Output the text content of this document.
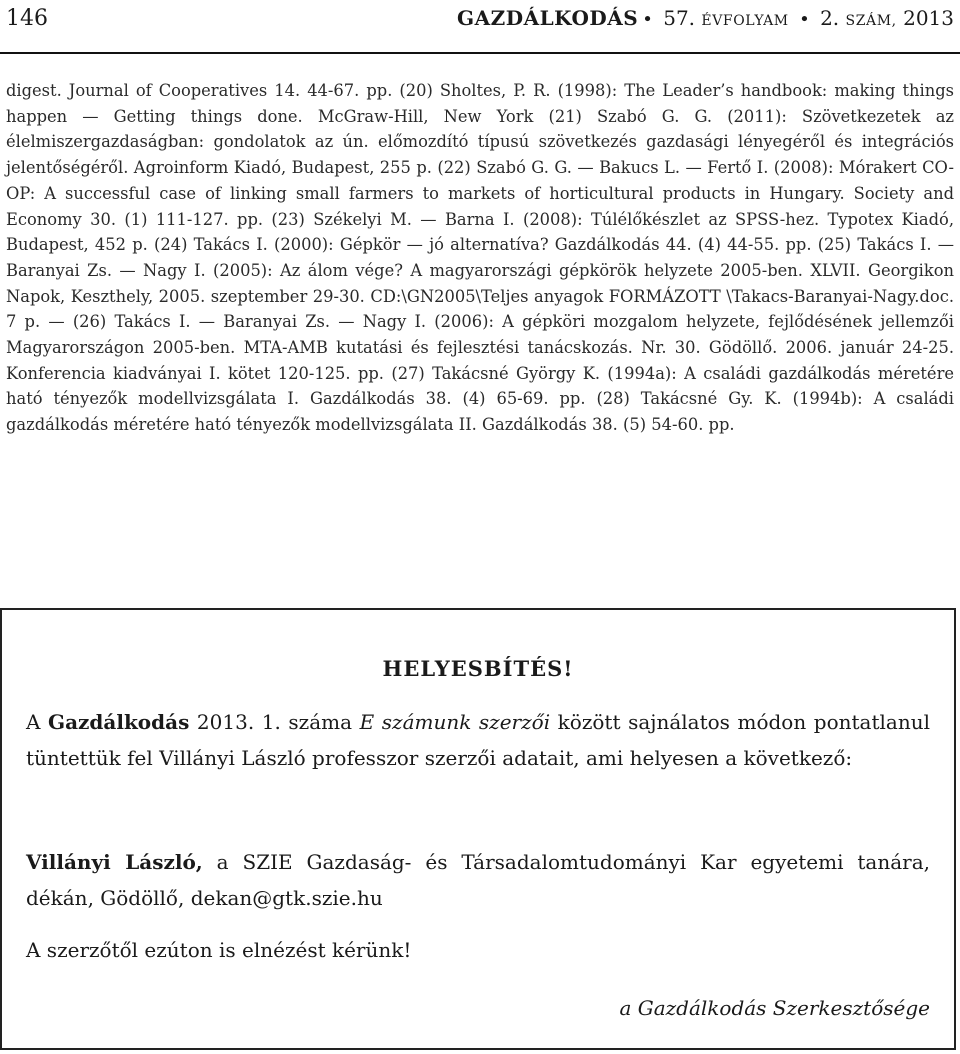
146	GAZDÁLKODÁS • 57. ÉVFOLYAM • 2. SZÁM, 2013
digest. Journal of Cooperatives 14. 44-67. pp. (20) Sholtes, P. R. (1998): The Leader’s handbook: making things happen — Getting things done. McGraw-Hill, New York (21) Szabó G. G. (2011): Szövetkezetek az élelmiszergazdaságban: gondolatok az ún. előmozdító típusú szövetkezés gazdasági lényegéről és integrációs jelentőségéről. Agroinform Kiadó, Budapest, 255 p. (22) Szabó G. G. — Bakucs L. — Fertő I. (2008): Mórakert CO-OP: A successful case of linking small farmers to markets of horticultural products in Hungary. Society and Economy 30. (1) 111-127. pp. (23) Székelyi M. — Barna I. (2008): Túlélőkészlet az SPSS-hez. Typotex Kiadó, Budapest, 452 p. (24) Takács I. (2000): Gépkör — jó alternatíva? Gazdálkodás 44. (4) 44-55. pp. (25) Takács I. — Baranyai Zs. — Nagy I. (2005): Az álom vége? A magyarországi gépkörök helyzete 2005-ben. XLVII. Georgikon Napok, Keszthely, 2005. szeptember 29-30. CD:\GN2005\Teljes anyagok FORMÁZOTT \Takacs-Baranyai-Nagy.doc. 7 p. — (26) Takács I. — Baranyai Zs. — Nagy I. (2006): A gépköri mozgalom helyzete, fejlődésének jellemzői Magyarországon 2005-ben. MTA-AMB kutatási és fejlesztési tanácskozás. Nr. 30. Gödöllő. 2006. január 24-25. Konferencia kiadványai I. kötet 120-125. pp. (27) Takácsné György K. (1994a): A családi gazdálkodás méretére ható tényezők modellvizsgálata I. Gazdálkodás 38. (4) 65-69. pp. (28) Takácsné Gy. K. (1994b): A családi gazdálkodás méretére ható tényezők modellvizsgálata II. Gazdálkodás 38. (5) 54-60. pp.
HELYESBÍTÉS!
A Gazdálkodás 2013. 1. száma E számunk szerzői között sajnálatos módon pontatlanul tüntettük fel Villányi László professzor szerzői adatait, ami helyesen a következő:
Villányi László, a SZIE Gazdaság- és Társadalomtudományi Kar egyetemi tanára, dékán, Gödöllő, dekan@gtk.szie.hu
A szerzőtől ezúton is elnézést kérünk!
a Gazdálkodás Szerkesztősége
